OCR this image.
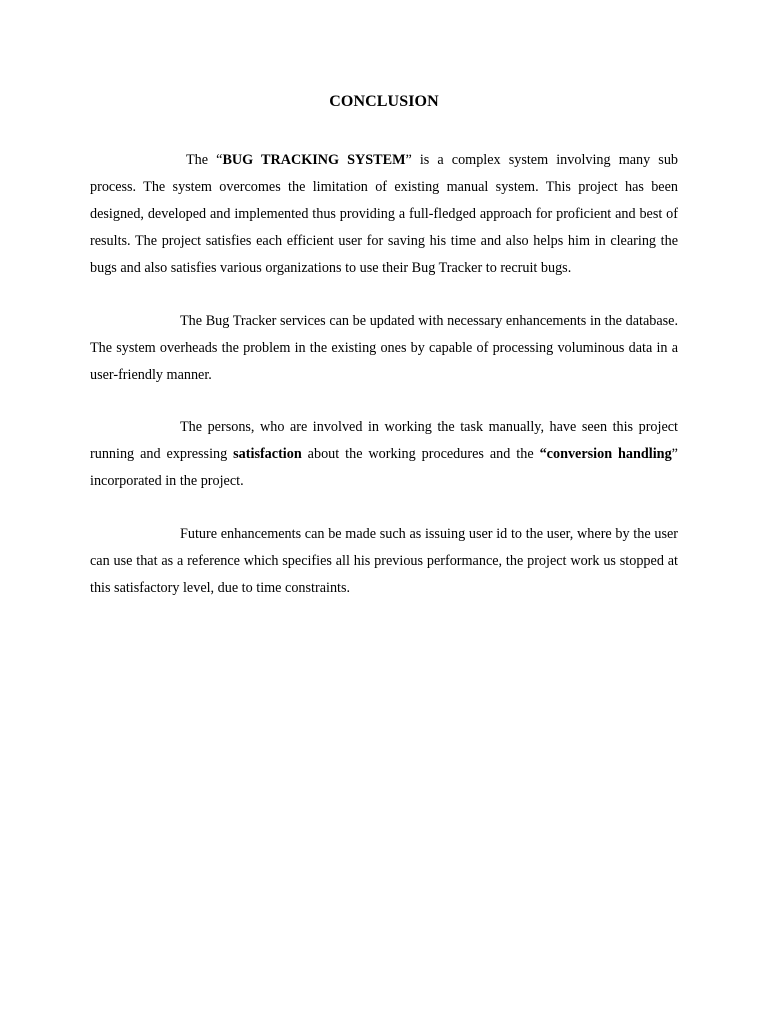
CONCLUSION

The “BUG TRACKING SYSTEM” is a complex system involving many sub process. The system overcomes the limitation of existing manual system. This project has been designed, developed and implemented thus providing a full-fledged approach for proficient and best of results. The project satisfies each efficient user for saving his time and also helps him in clearing the bugs and also satisfies various organizations to use their Bug Tracker to recruit bugs.

The Bug Tracker services can be updated with necessary enhancements in the database. The system overheads the problem in the existing ones by capable of processing voluminous data in a user-friendly manner.

The persons, who are involved in working the task manually, have seen this project running and expressing satisfaction about the working procedures and the “conversion handling” incorporated in the project.

Future enhancements can be made such as issuing user id to the user, where by the user can use that as a reference which specifies all his previous performance, the project work us stopped at this satisfactory level, due to time constraints.
